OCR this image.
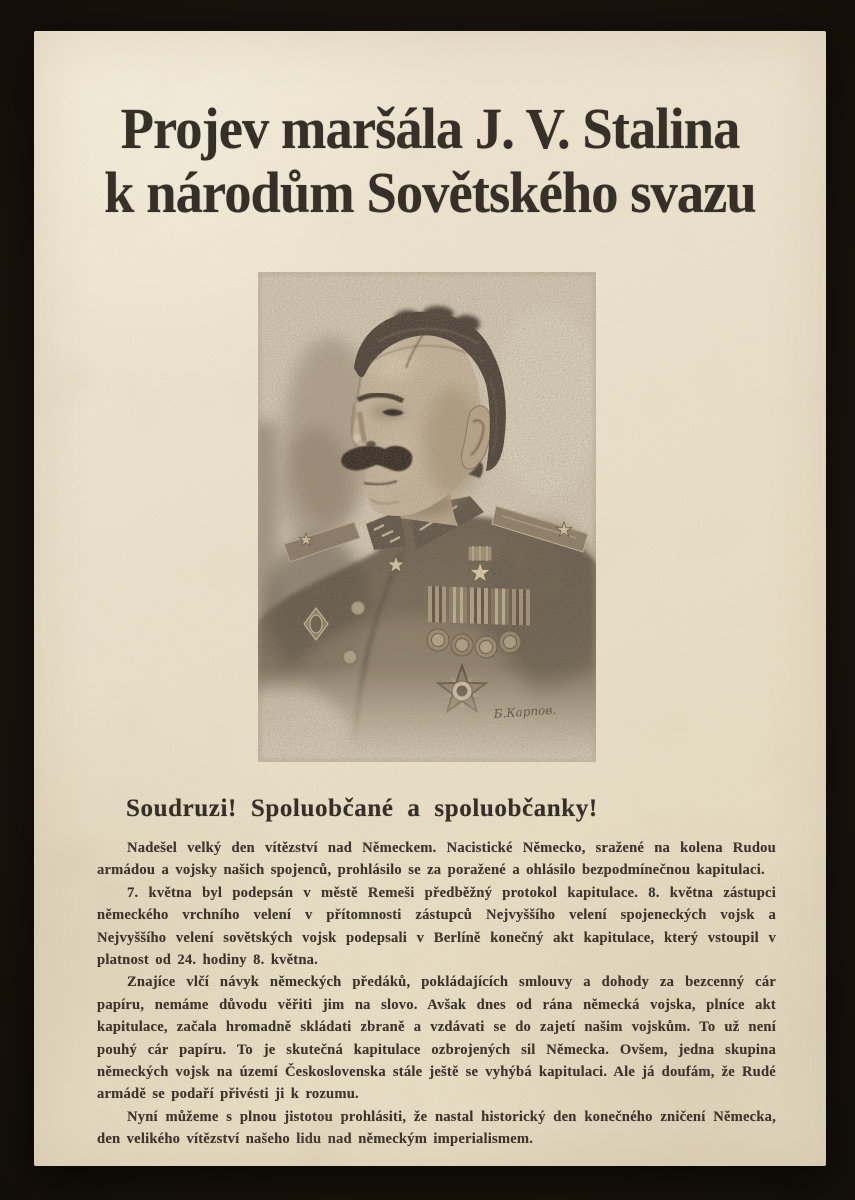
Projev maršála J. V. Stalina
k národům Sovětského svazu
Soudruzi! Spoluobčané a spoluobčanky!

Nadešel velký den vítězství nad Německem. Nacistické Německo, sražené na kolena Rudou armádou a vojsky našich spojenců, prohlásilo se za poražené a ohlásilo bezpodmínečnou kapitulaci.

7. května byl podepsán v městě Remeši předběžný protokol kapitulace. 8. května zástupci německého vrchního velení v přítomnosti zástupců Nejvyššího velení spojeneckých vojsk a Nejvyššího velení sovětských vojsk podepsali v Berlíně konečný akt kapitulace, který vstoupil v platnost od 24. hodiny 8. května.

Znajíce vlčí návyk německých předáků, pokládajících smlouvy a dohody za bezcenný cár papíru, nemáme důvodu věřiti jim na slovo. Avšak dnes od rána německá vojska, plníce akt kapitulace, začala hromadně skládati zbraně a vzdávati se do zajetí našim vojskům. To už není pouhý cár papíru. To je skutečná kapitulace ozbrojených sil Německa. Ovšem, jedna skupina německých vojsk na území Československa stále ještě se vyhýbá kapitulaci. Ale já doufám, že Rudé armádě se podaří přivésti ji k rozumu.

Nyní můžeme s plnou jistotou prohlásiti, že nastal historický den konečného zničení Německa, den velikého vítězství našeho lidu nad německým imperialismem.
